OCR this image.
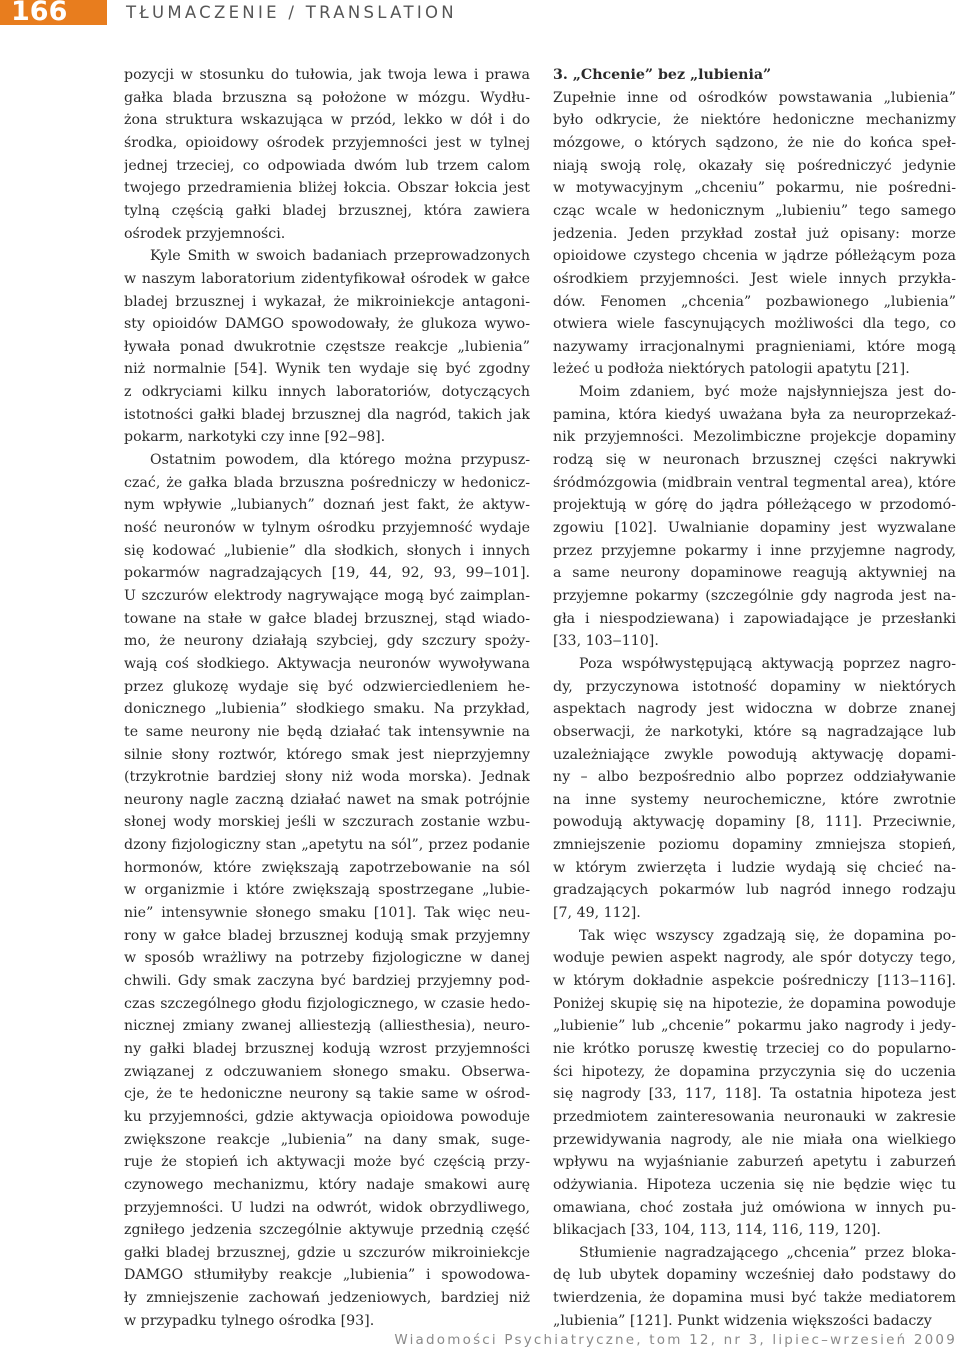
166	TŁUMACZENIE / TRANSLATION
pozycji w stosunku do tułowia, jak twoja lewa i prawa
gałka blada brzuszna są położone w mózgu. Wydłu-
żona struktura wskazująca w przód, lekko w dół i do
środka, opioidowy ośrodek przyjemności jest w tylnej
jednej trzeciej, co odpowiada dwóm lub trzem calom
twojego przedramienia bliżej łokcia. Obszar łokcia jest
tylną częścią gałki bladej brzusznej, która zawiera
ośrodek przyjemności.
Kyle Smith w swoich badaniach przeprowadzonych
w naszym laboratorium zidentyfikował ośrodek w gałce
bladej brzusznej i wykazał, że mikroiniekcje antagoni-
sty opioidów DAMGO spowodowały, że glukoza wywo-
ływała ponad dwukrotnie częstsze reakcje „lubienia”
niż normalnie [54]. Wynik ten wydaje się być zgodny
z odkryciami kilku innych laboratoriów, dotyczących
istotności gałki bladej brzusznej dla nagród, takich jak
pokarm, narkotyki czy inne [92‒98].
Ostatnim powodem, dla którego można przypusz-
czać, że gałka blada brzuszna pośredniczy w hedonicz-
nym wpływie „lubianych” doznań jest fakt, że aktyw-
ność neuronów w tylnym ośrodku przyjemność wydaje
się kodować „lubienie” dla słodkich, słonych i innych
pokarmów nagradzających [19, 44, 92, 93, 99‒101].
U szczurów elektrody nagrywające mogą być zaimplan-
towane na stałe w gałce bladej brzusznej, stąd wiado-
mo, że neurony działają szybciej, gdy szczury spoży-
wają coś słodkiego. Aktywacja neuronów wywoływana
przez glukozę wydaje się być odzwierciedleniem he-
donicznego „lubienia” słodkiego smaku. Na przykład,
te same neurony nie będą działać tak intensywnie na
silnie słony roztwór, którego smak jest nieprzyjemny
(trzykrotnie bardziej słony niż woda morska). Jednak
neurony nagle zaczną działać nawet na smak potrójnie
słonej wody morskiej jeśli w szczurach zostanie wzbu-
dzony fizjologiczny stan „apetytu na sól”, przez podanie
hormonów, które zwiększają zapotrzebowanie na sól
w organizmie i które zwiększają spostrzegane „lubie-
nie” intensywnie słonego smaku [101]. Tak więc neu-
rony w gałce bladej brzusznej kodują smak przyjemny
w sposób wrażliwy na potrzeby fizjologiczne w danej
chwili. Gdy smak zaczyna być bardziej przyjemny pod-
czas szczególnego głodu fizjologicznego, w czasie hedo-
nicznej zmiany zwanej alliestezją (alliesthesia), neuro-
ny gałki bladej brzusznej kodują wzrost przyjemności
związanej z odczuwaniem słonego smaku. Obserwa-
cje, że te hedoniczne neurony są takie same w ośrod-
ku przyjemności, gdzie aktywacja opioidowa powoduje
zwiększone reakcje „lubienia” na dany smak, suge-
ruje że stopień ich aktywacji może być częścią przy-
czynowego mechanizmu, który nadaje smakowi aurę
przyjemności. U ludzi na odwrót, widok obrzydliwego,
zgniłego jedzenia szczególnie aktywuje przednią część
gałki bladej brzusznej, gdzie u szczurów mikroiniekcje
DAMGO stłumiłyby reakcje „lubienia” i spowodowa-
ły zmniejszenie zachowań jedzeniowych, bardziej niż
w przypadku tylnego ośrodka [93].
3. „Chcenie” bez „lubienia”
Zupełnie inne od ośrodków powstawania „lubienia”
było odkrycie, że niektóre hedoniczne mechanizmy
mózgowe, o których sądzono, że nie do końca speł-
niają swoją rolę, okazały się pośredniczyć jedynie
w motywacyjnym „chceniu” pokarmu, nie pośredni-
cząc wcale w hedonicznym „lubieniu” tego samego
jedzenia. Jeden przykład został już opisany: morze
opioidowe czystego chcenia w jądrze półleżącym poza
ośrodkiem przyjemności. Jest wiele innych przykła-
dów. Fenomen „chcenia” pozbawionego „lubienia”
otwiera wiele fascynujących możliwości dla tego, co
nazywamy irracjonalnymi pragnieniami, które mogą
leżeć u podłoża niektórych patologii apatytu [21].
Moim zdaniem, być może najsłynniejsza jest do-
pamina, która kiedyś uważana była za neuroprzekaź-
nik przyjemności. Mezolimbiczne projekcje dopaminy
rodzą się w neuronach brzusznej części nakrywki
śródmózgowia (midbrain ventral tegmental area), które
projektują w górę do jądra półleżącego w przodomó-
zgowiu [102]. Uwalnianie dopaminy jest wyzwalane
przez przyjemne pokarmy i inne przyjemne nagrody,
a same neurony dopaminowe reagują aktywniej na
przyjemne pokarmy (szczególnie gdy nagroda jest na-
gła i niespodziewana) i zapowiadające je przesłanki
[33, 103‒110].
Poza współwystępującą aktywacją poprzez nagro-
dy, przyczynowa istotność dopaminy w niektórych
aspektach nagrody jest widoczna w dobrze znanej
obserwacji, że narkotyki, które są nagradzające lub
uzależniające zwykle powodują aktywację dopami-
ny – albo bezpośrednio albo poprzez oddziaływanie
na inne systemy neurochemiczne, które zwrotnie
powodują aktywację dopaminy [8, 111]. Przeciwnie,
zmniejszenie poziomu dopaminy zmniejsza stopień,
w którym zwierzęta i ludzie wydają się chcieć na-
gradzających pokarmów lub nagród innego rodzaju
[7, 49, 112].
Tak więc wszyscy zgadzają się, że dopamina po-
woduje pewien aspekt nagrody, ale spór dotyczy tego,
w którym dokładnie aspekcie pośredniczy [113‒116].
Poniżej skupię się na hipotezie, że dopamina powoduje
„lubienie” lub „chcenie” pokarmu jako nagrody i jedy-
nie krótko poruszę kwestię trzeciej co do popularno-
ści hipotezy, że dopamina przyczynia się do uczenia
się nagrody [33, 117, 118]. Ta ostatnia hipoteza jest
przedmiotem zainteresowania neuronauki w zakresie
przewidywania nagrody, ale nie miała ona wielkiego
wpływu na wyjaśnianie zaburzeń apetytu i zaburzeń
odżywiania. Hipoteza uczenia się nie będzie więc tu
omawiana, choć została już omówiona w innych pu-
blikacjach [33, 104, 113, 114, 116, 119, 120].
Stłumienie nagradzającego „chcenia” przez bloka-
dę lub ubytek dopaminy wcześniej dało podstawy do
twierdzenia, że dopamina musi być także mediatorem
„lubienia” [121]. Punkt widzenia większości badaczy
Wiadomości Psychiatryczne, tom 12, nr 3, lipiec–wrzesień 2009
